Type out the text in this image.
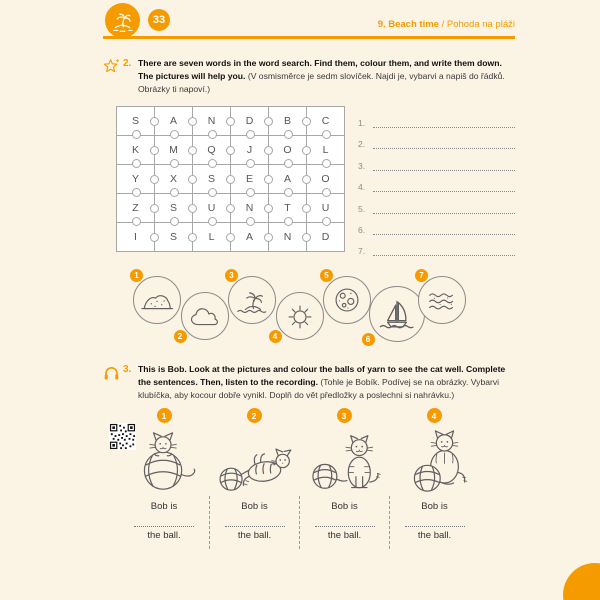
33	9. Beach time / Pohoda na pláži
2. There are seven words in the word search. Find them, colour them, and write them down. The pictures will help you. (V osmisměrce je sedm slovíček. Najdi je, vybarvi a napiš do řádků. Obrázky ti napoví.)
S	A	N	D	B	C
K	M	Q	J	O	L
Y	X	S	E	A	O
Z	S	U	N	T	U
I	S	L	A	N	D
1.
2.
3.
4.
5.
6.
7.
1
2
3
4
5
6
7
3. This is Bob. Look at the pictures and colour the balls of yarn to see the cat well. Complete the sentences. Then, listen to the recording. (Tohle je Bobík. Podívej se na obrázky. Vybarvi klubíčka, aby kocour dobře vynikl. Doplň do vět předložky a poslechni si nahrávku.)
1
Bob is
the ball.
2
Bob is
the ball.
3
Bob is
the ball.
4
Bob is
the ball.
